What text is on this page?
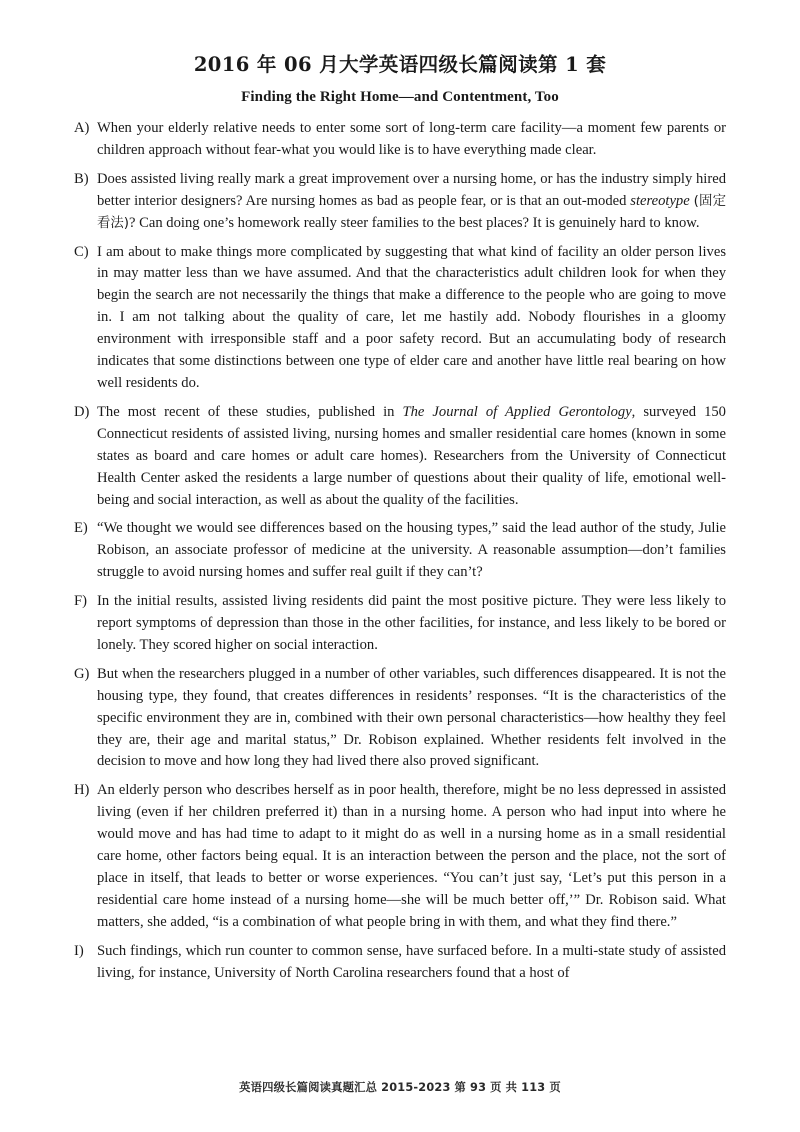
2016 年 06 月大学英语四级长篇阅读第 1 套
Finding the Right Home—and Contentment, Too
A) When your elderly relative needs to enter some sort of long-term care facility—a moment few parents or children approach without fear-what you would like is to have everything made clear.
B) Does assisted living really mark a great improvement over a nursing home, or has the industry simply hired better interior designers? Are nursing homes as bad as people fear, or is that an out-moded stereotype (固定看法)? Can doing one’s homework really steer families to the best places? It is genuinely hard to know.
C) I am about to make things more complicated by suggesting that what kind of facility an older person lives in may matter less than we have assumed. And that the characteristics adult children look for when they begin the search are not necessarily the things that make a difference to the people who are going to move in. I am not talking about the quality of care, let me hastily add. Nobody flourishes in a gloomy environment with irresponsible staff and a poor safety record. But an accumulating body of research indicates that some distinctions between one type of elder care and another have little real bearing on how well residents do.
D) The most recent of these studies, published in The Journal of Applied Gerontology, surveyed 150 Connecticut residents of assisted living, nursing homes and smaller residential care homes (known in some states as board and care homes or adult care homes). Researchers from the University of Connecticut Health Center asked the residents a large number of questions about their quality of life, emotional well-being and social interaction, as well as about the quality of the facilities.
E) “We thought we would see differences based on the housing types,” said the lead author of the study, Julie Robison, an associate professor of medicine at the university. A reasonable assumption—don’t families struggle to avoid nursing homes and suffer real guilt if they can’t?
F) In the initial results, assisted living residents did paint the most positive picture. They were less likely to report symptoms of depression than those in the other facilities, for instance, and less likely to be bored or lonely. They scored higher on social interaction.
G) But when the researchers plugged in a number of other variables, such differences disappeared. It is not the housing type, they found, that creates differences in residents’ responses. “It is the characteristics of the specific environment they are in, combined with their own personal characteristics—how healthy they feel they are, their age and marital status,” Dr. Robison explained. Whether residents felt involved in the decision to move and how long they had lived there also proved significant.
H) An elderly person who describes herself as in poor health, therefore, might be no less depressed in assisted living (even if her children preferred it) than in a nursing home. A person who had input into where he would move and has had time to adapt to it might do as well in a nursing home as in a small residential care home, other factors being equal. It is an interaction between the person and the place, not the sort of place in itself, that leads to better or worse experiences. “You can’t just say, ‘Let’s put this person in a residential care home instead of a nursing home—she will be much better off,’” Dr. Robison said. What matters, she added, “is a combination of what people bring in with them, and what they find there.”
I) Such findings, which run counter to common sense, have surfaced before. In a multi-state study of assisted living, for instance, University of North Carolina researchers found that a host of
英语四级长篇阅读真题汇总 2015-2023 第 93 页 共 113 页
